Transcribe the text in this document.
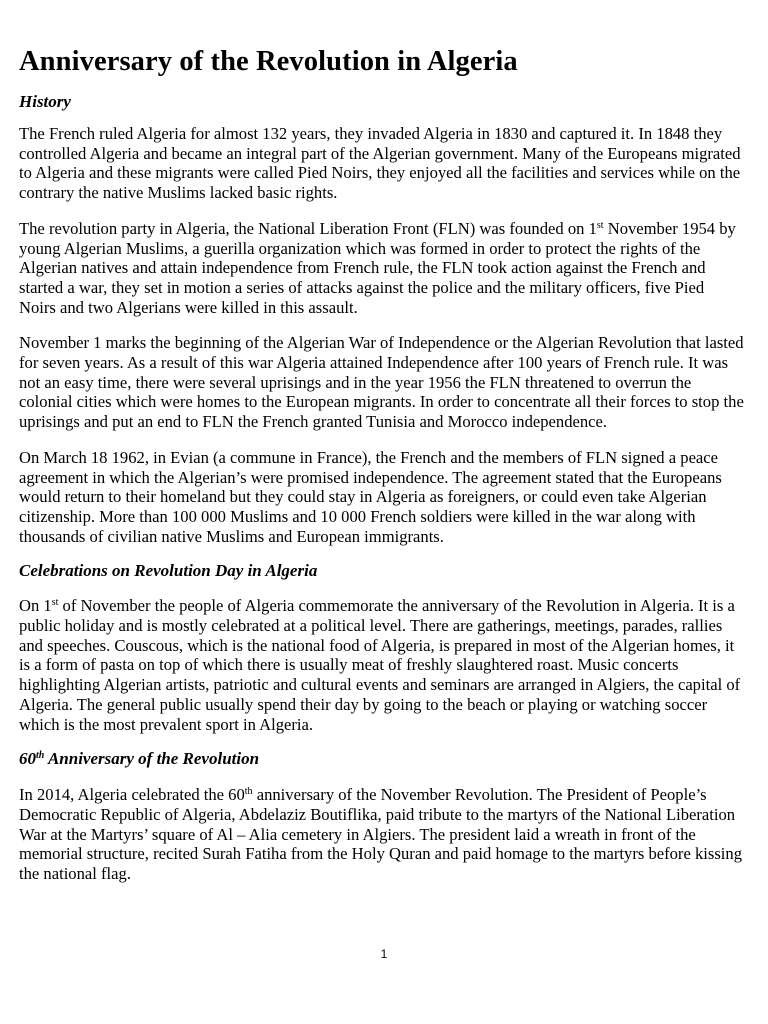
Anniversary of the Revolution in Algeria
History

The French ruled Algeria for almost 132 years, they invaded Algeria in 1830 and captured it. In 1848 they controlled Algeria and became an integral part of the Algerian government. Many of the Europeans migrated to Algeria and these migrants were called Pied Noirs, they enjoyed all the facilities and services while on the contrary the native Muslims lacked basic rights.

The revolution party in Algeria, the National Liberation Front (FLN) was founded on 1st November 1954 by young Algerian Muslims, a guerilla organization which was formed in order to protect the rights of the Algerian natives and attain independence from French rule, the FLN took action against the French and started a war, they set in motion a series of attacks against the police and the military officers, five Pied Noirs and two Algerians were killed in this assault.

November 1 marks the beginning of the Algerian War of Independence or the Algerian Revolution that lasted for seven years. As a result of this war Algeria attained Independence after 100 years of French rule. It was not an easy time, there were several uprisings and in the year 1956 the FLN threatened to overrun the colonial cities which were homes to the European migrants. In order to concentrate all their forces to stop the uprisings and put an end to FLN the French granted Tunisia and Morocco independence.

On March 18 1962, in Evian (a commune in France), the French and the members of FLN signed a peace agreement in which the Algerian’s were promised independence. The agreement stated that the Europeans would return to their homeland but they could stay in Algeria as foreigners, or could even take Algerian citizenship. More than 100 000 Muslims and 10 000 French soldiers were killed in the war along with thousands of civilian native Muslims and European immigrants.

Celebrations on Revolution Day in Algeria

On 1st of November the people of Algeria commemorate the anniversary of the Revolution in Algeria. It is a public holiday and is mostly celebrated at a political level. There are gatherings, meetings, parades, rallies and speeches. Couscous, which is the national food of Algeria, is prepared in most of the Algerian homes, it is a form of pasta on top of which there is usually meat of freshly slaughtered roast. Music concerts highlighting Algerian artists, patriotic and cultural events and seminars are arranged in Algiers, the capital of Algeria. The general public usually spend their day by going to the beach or playing or watching soccer which is the most prevalent sport in Algeria.

60th Anniversary of the Revolution

In 2014, Algeria celebrated the 60th anniversary of the November Revolution. The President of People’s Democratic Republic of Algeria, Abdelaziz Boutiflika, paid tribute to the martyrs of the National Liberation War at the Martyrs’ square of Al – Alia cemetery in Algiers. The president laid a wreath in front of the memorial structure, recited Surah Fatiha from the Holy Quran and paid homage to the martyrs before kissing the national flag.

1
